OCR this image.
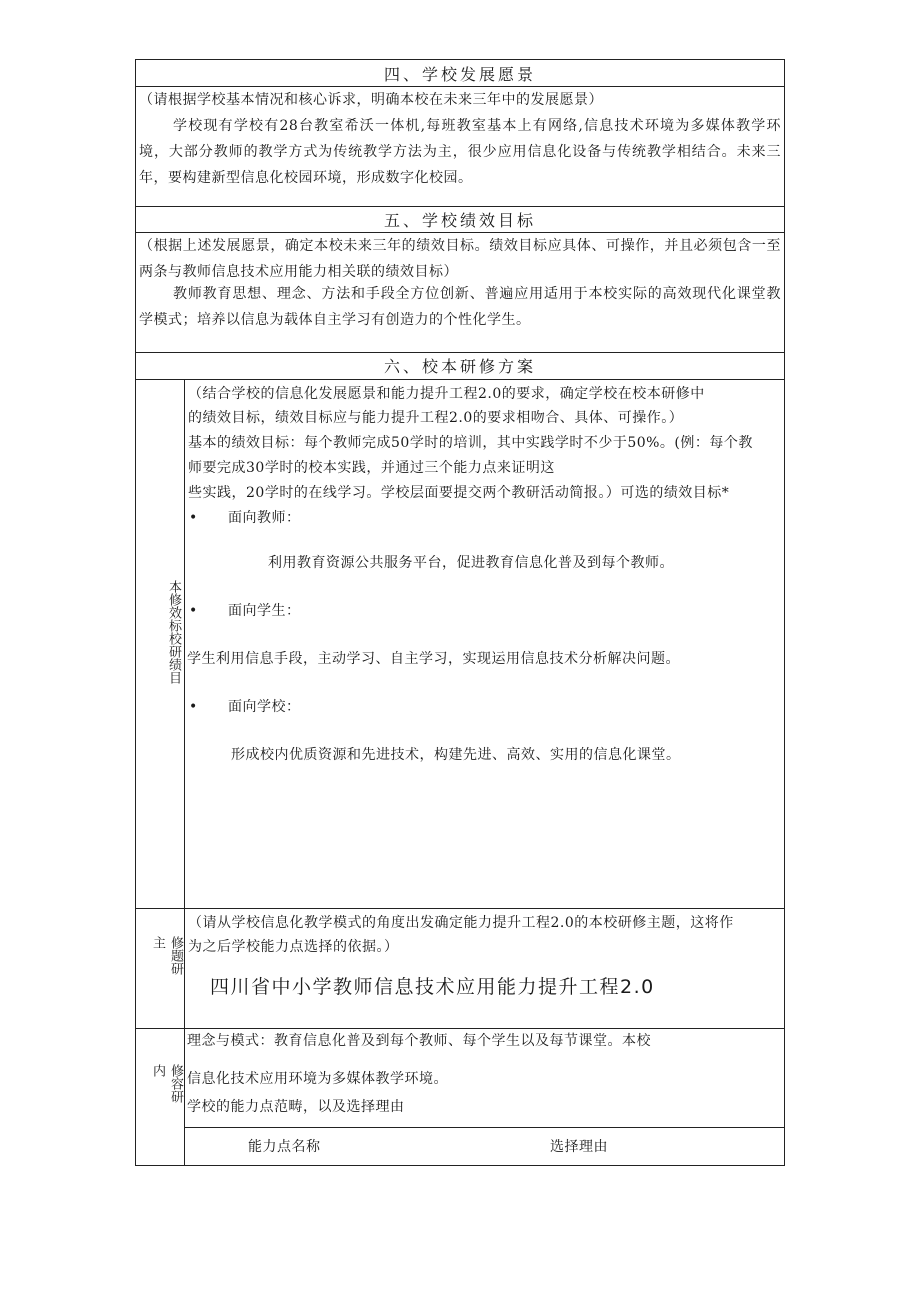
四、学校发展愿景
（请根据学校基本情况和核心诉求，明确本校在未来三年中的发展愿景）
学校现有学校有28台教室希沃一体机,每班教室基本上有网络,信息技术环境为多媒体教学环境，大部分教师的教学方式为传统教学方法为主，很少应用信息化设备与传统教学相结合。未来三年，要构建新型信息化校园环境，形成数字化校园。
五、学校绩效目标
（根据上述发展愿景，确定本校未来三年的绩效目标。绩效目标应具体、可操作，并且必须包含一至两条与教师信息技术应用能力相关联的绩效目标）
教师教育思想、理念、方法和手段全方位创新、普遍应用适用于本校实际的高效现代化课堂教学模式；培养以信息为载体自主学习有创造力的个性化学生。
六、校本研修方案
本修效标校研绩目
（结合学校的信息化发展愿景和能力提升工程2.0的要求，确定学校在校本研修中
的绩效目标，绩效目标应与能力提升工程2.0的要求相吻合、具体、可操作。）
基本的绩效目标：每个教师完成50学时的培训，其中实践学时不少于50%。(例：每个教
师要完成30学时的校本实践，并通过三个能力点来证明这
些实践，20学时的在线学习。学校层面要提交两个教研活动简报。）可选的绩效目标*
• 面向教师：
利用教育资源公共服务平台，促进教育信息化普及到每个教师。
• 面向学生：
学生利用信息手段，主动学习、自主学习，实现运用信息技术分析解决问题。
• 面向学校：
形成校内优质资源和先进技术，构建先进、高效、实用的信息化课堂。
修题研主
（请从学校信息化教学模式的角度出发确定能力提升工程2.0的本校研修主题，这将作
为之后学校能力点选择的依据。）
四川省中小学教师信息技术应用能力提升工程2.0
修容研内
理念与模式：教育信息化普及到每个教师、每个学生以及每节课堂。本校
信息化技术应用环境为多媒体教学环境。
学校的能力点范畴，以及选择理由
能力点名称	选择理由
